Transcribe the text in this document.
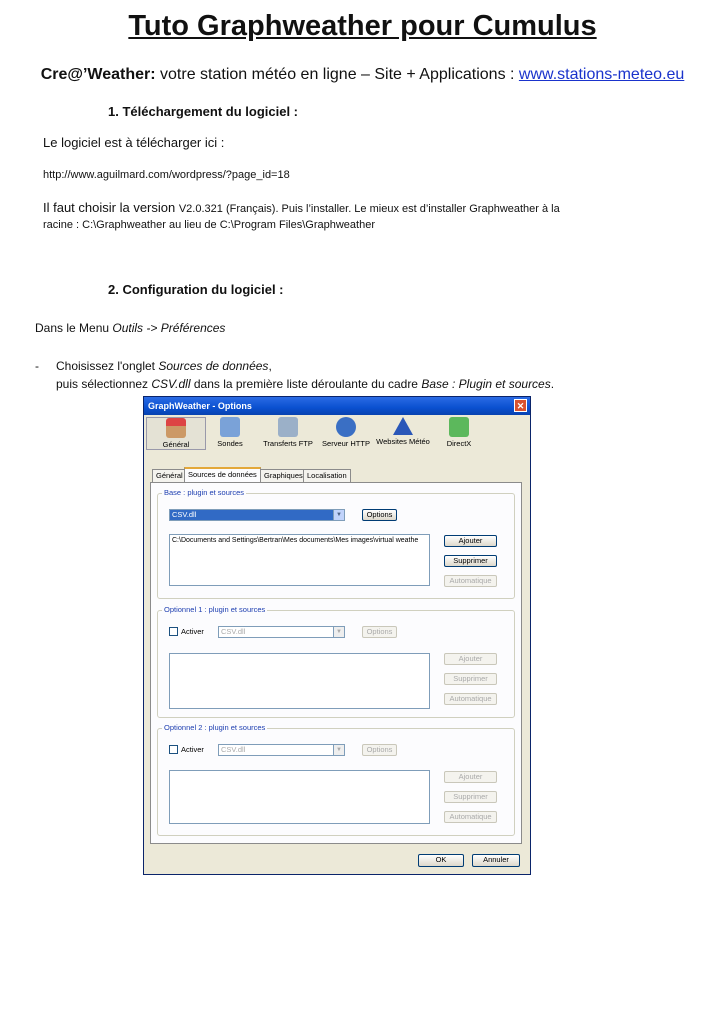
Tuto Graphweather pour Cumulus
Cre@’Weather: votre station météo en ligne – Site + Applications : www.stations-meteo.eu
1. Téléchargement du logiciel :
Le logiciel est à télécharger ici :
http://www.aguilmard.com/wordpress/?page_id=18
Il faut choisir la version V2.0.321 (Français). Puis l’installer. Le mieux est d’installer Graphweather à la
racine : C:\Graphweather au lieu de C:\Program Files\Graphweather
2. Configuration du logiciel :
Dans le Menu Outils -> Préférences
- Choisissez l'onglet Sources de données,
puis sélectionnez CSV.dll dans la première liste déroulante du cadre Base : Plugin et sources.
GraphWeather - Options	✕
Général	Sondes	Transferts FTP	Serveur HTTP Websites Météo	DirectX
Général Sources de données Graphiques Localisation
Base : plugin et sources
CSV.dll	▼	Options
C:\Documents and Settings\Bertran\Mes documents\Mes images\virtual weathe	Ajouter
Supprimer
Automatique
Optionnel 1 : plugin et sources
Activer	CSV.dll	▼	Options
Ajouter
Supprimer
Automatique
Optionnel 2 : plugin et sources
Activer	CSV.dll	▼	Options
Ajouter
Supprimer
Automatique
OK	Annuler
